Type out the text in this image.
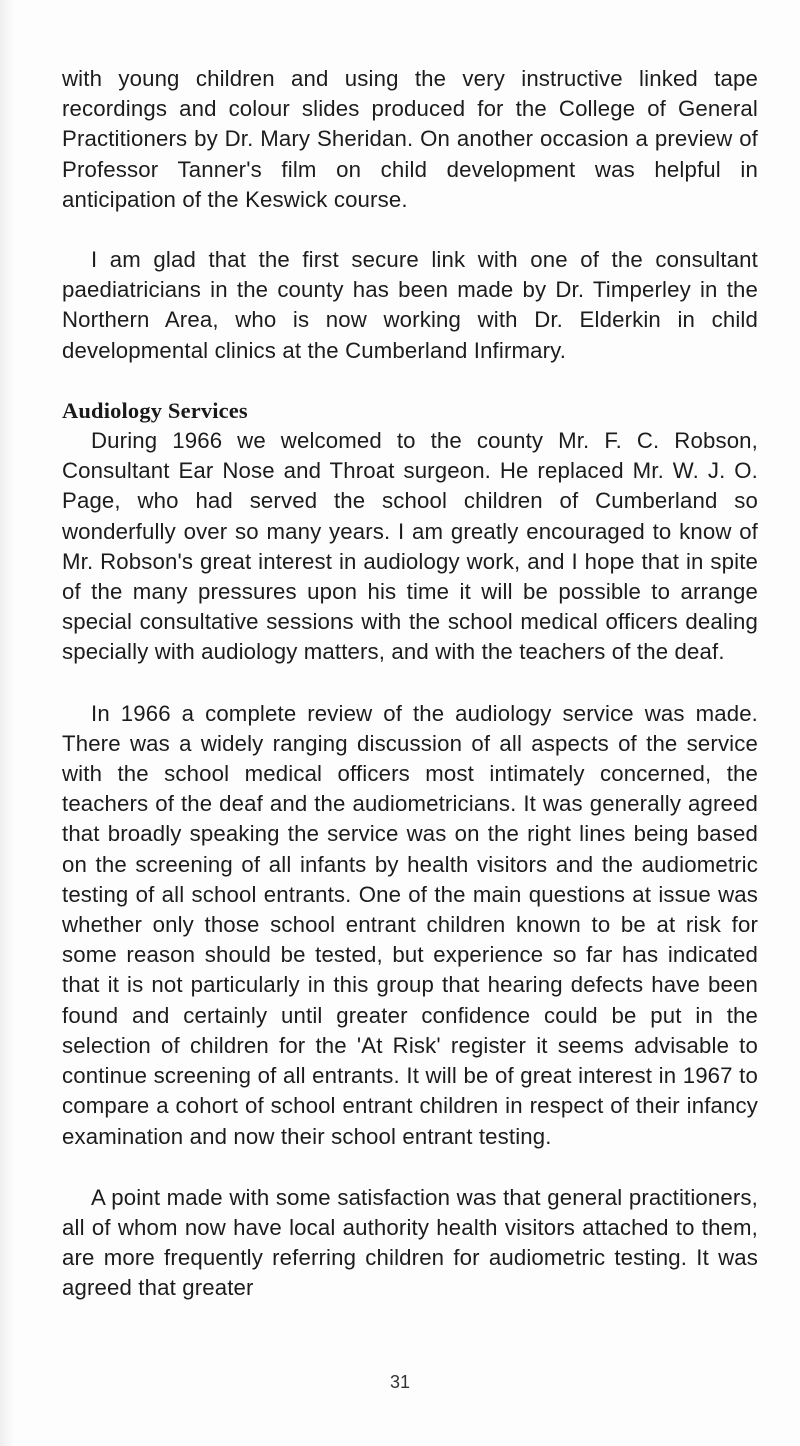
with young children and using the very instructive linked tape recordings and colour slides produced for the College of General Practitioners by Dr. Mary Sheridan. On another occasion a preview of Professor Tanner's film on child development was helpful in anticipation of the Keswick course.

I am glad that the first secure link with one of the consultant paediatricians in the county has been made by Dr. Timperley in the Northern Area, who is now working with Dr. Elderkin in child developmental clinics at the Cumberland Infirmary.

Audiology Services

During 1966 we welcomed to the county Mr. F. C. Robson, Consultant Ear Nose and Throat surgeon. He replaced Mr. W. J. O. Page, who had served the school children of Cumberland so wonderfully over so many years. I am greatly encouraged to know of Mr. Robson's great interest in audiology work, and I hope that in spite of the many pressures upon his time it will be possible to arrange special consultative sessions with the school medical officers dealing specially with audiology matters, and with the teachers of the deaf.

In 1966 a complete review of the audiology service was made. There was a widely ranging discussion of all aspects of the service with the school medical officers most intimately concerned, the teachers of the deaf and the audiometricians. It was generally agreed that broadly speaking the service was on the right lines being based on the screening of all infants by health visitors and the audiometric testing of all school entrants. One of the main questions at issue was whether only those school entrant children known to be at risk for some reason should be tested, but experience so far has indicated that it is not particularly in this group that hearing defects have been found and certainly until greater confidence could be put in the selection of children for the 'At Risk' register it seems advisable to continue screening of all entrants. It will be of great interest in 1967 to compare a cohort of school entrant children in respect of their infancy examination and now their school entrant testing.

A point made with some satisfaction was that general practitioners, all of whom now have local authority health visitors attached to them, are more frequently referring children for audiometric testing. It was agreed that greater

31
